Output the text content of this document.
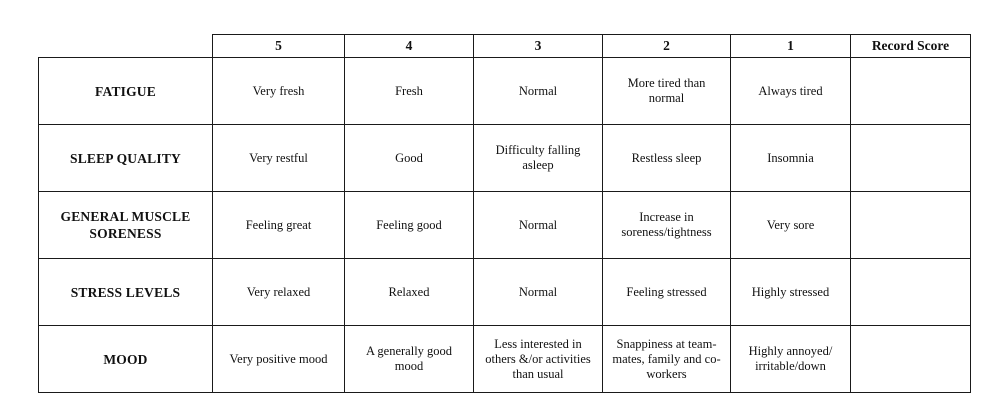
	5	4	3	2	1	Record Score
FATIGUE	Very fresh	Fresh	Normal	More tired than normal	Always tired	
SLEEP QUALITY	Very restful	Good	Difficulty falling asleep	Restless sleep	Insomnia	
GENERAL MUSCLE SORENESS	Feeling great	Feeling good	Normal	Increase in soreness/tightness	Very sore	
STRESS LEVELS	Very relaxed	Relaxed	Normal	Feeling stressed	Highly stressed	
MOOD	Very positive mood	A generally good mood	Less interested in others &/or activities than usual	Snappiness at team-mates, family and co-workers	Highly annoyed/ irritable/down	
